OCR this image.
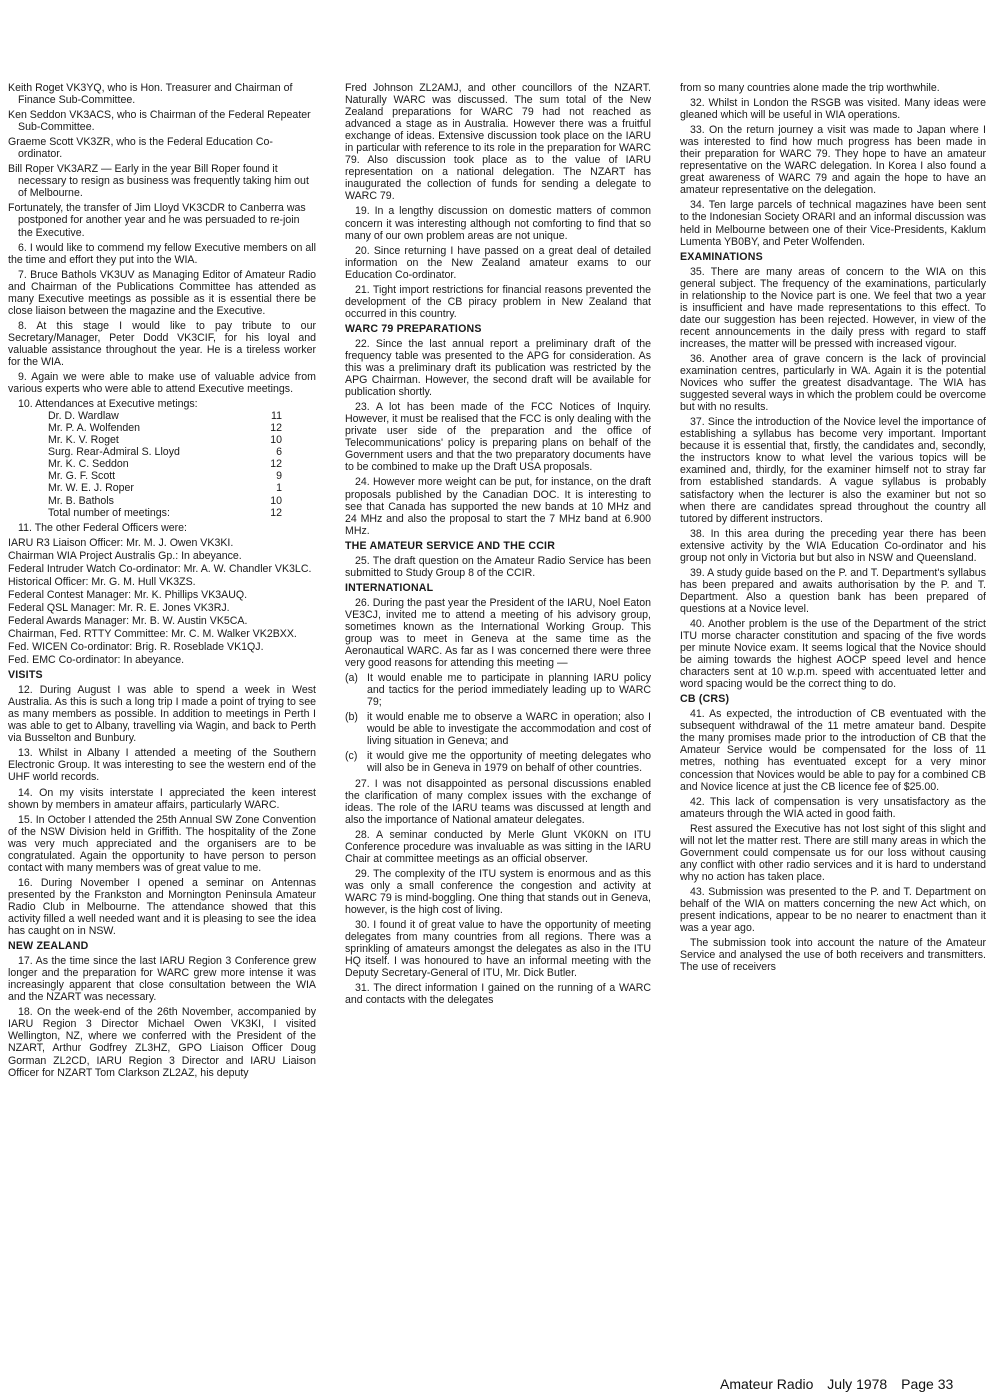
Keith Roget VK3YQ, who is Hon. Treasurer and Chairman of Finance Sub-Committee.
Ken Seddon VK3ACS, who is Chairman of the Federal Repeater Sub-Committee.
Graeme Scott VK3ZR, who is the Federal Education Co-ordinator.
Bill Roper VK3ARZ — Early in the year Bill Roper found it necessary to resign as business was frequently taking him out of Melbourne.
Fortunately, the transfer of Jim Lloyd VK3CDR to Canberra was postponed for another year and he was persuaded to re-join the Executive.

6. I would like to commend my fellow Executive members on all the time and effort they put into the WIA.

7. Bruce Bathols VK3UV as Managing Editor of Amateur Radio and Chairman of the Publications Committee has attended as many Executive meetings as possible as it is essential there be close liaison between the magazine and the Executive.

8. At this stage I would like to pay tribute to our Secretary/Manager, Peter Dodd VK3CIF, for his loyal and valuable assistance throughout the year. He is a tireless worker for the WIA.

9. Again we were able to make use of valuable advice from various experts who were able to attend Executive meetings.

10. Attendances at Executive metings:
Dr. D. Wardlaw	11
Mr. P. A. Wolfenden	12
Mr. K. V. Roget	10
Surg. Rear-Admiral S. Lloyd	6
Mr. K. C. Seddon	12
Mr. G. F. Scott	9
Mr. W. E. J. Roper	1
Mr. B. Bathols	10
Total number of meetings:	12

11. The other Federal Officers were:

IARU R3 Liaison Officer: Mr. M. J. Owen VK3KI.
Chairman WIA Project Australis Gp.: In abeyance.
Federal Intruder Watch Co-ordinator: Mr. A. W. Chandler VK3LC.
Historical Officer: Mr. G. M. Hull VK3ZS.
Federal Contest Manager: Mr. K. Phillips VK3AUQ.
Federal QSL Manager: Mr. R. E. Jones VK3RJ.
Federal Awards Manager: Mr. B. W. Austin VK5CA.
Chairman, Fed. RTTY Committee: Mr. C. M. Walker VK2BXX.
Fed. WICEN Co-ordinator: Brig. R. Roseblade VK1QJ.
Fed. EMC Co-ordinator: In abeyance.
VISITS

12. During August I was able to spend a week in West Australia. As this is such a long trip I made a point of trying to see as many members as possible. In addition to meetings in Perth I was able to get to Albany, travelling via Wagin, and back to Perth via Busselton and Bunbury.

13. Whilst in Albany I attended a meeting of the Southern Electronic Group. It was interesting to see the western end of the UHF world records.

14. On my visits interstate I appreciated the keen interest shown by members in amateur affairs, particularly WARC.

15. In October I attended the 25th Annual SW Zone Convention of the NSW Division held in Griffith. The hospitality of the Zone was very much appreciated and the organisers are to be congratulated. Again the opportunity to have person to person contact with many members was of great value to me.

16. During November I opened a seminar on Antennas presented by the Frankston and Mornington Peninsula Amateur Radio Club in Melbourne. The attendance showed that this activity filled a well needed want and it is pleasing to see the idea has caught on in NSW.

NEW ZEALAND

17. As the time since the last IARU Region 3 Conference grew longer and the preparation for WARC grew more intense it was increasingly apparent that close consultation between the WIA and the NZART was necessary.

18. On the week-end of the 26th November, accompanied by IARU Region 3 Director Michael Owen VK3KI, I visited Wellington, NZ, where we conferred with the President of the NZART, Arthur Godfrey ZL3HZ, GPO Liaison Officer Doug Gorman ZL2CD, IARU Region 3 Director and IARU Liaison Officer for NZART Tom Clarkson ZL2AZ, his deputy

Fred Johnson ZL2AMJ, and other councillors of the NZART. Naturally WARC was discussed. The sum total of the New Zealand preparations for WARC 79 had not reached as advanced a stage as in Australia. However there was a fruitful exchange of ideas. Extensive discussion took place on the IARU in particular with reference to its role in the preparation for WARC 79. Also discussion took place as to the value of IARU representation on a national delegation. The NZART has inaugurated the collection of funds for sending a delegate to WARC 79.

19. In a lengthy discussion on domestic matters of common concern it was interesting although not comforting to find that so many of our own problem areas are not unique.

20. Since returning I have passed on a great deal of detailed information on the New Zealand amateur exams to our Education Co-ordinator.

21. Tight import restrictions for financial reasons prevented the development of the CB piracy problem in New Zealand that occurred in this country.

WARC 79 PREPARATIONS

22. Since the last annual report a preliminary draft of the frequency table was presented to the APG for consideration. As this was a preliminary draft its publication was restricted by the APG Chairman. However, the second draft will be available for publication shortly.

23. A lot has been made of the FCC Notices of Inquiry. However, it must be realised that the FCC is only dealing with the private user side of the preparation and the office of Telecommunications' policy is preparing plans on behalf of the Government users and that the two preparatory documents have to be combined to make up the Draft USA proposals.

24. However more weight can be put, for instance, on the draft proposals published by the Canadian DOC. It is interesting to see that Canada has supported the new bands at 10 MHz and 24 MHz and also the proposal to start the 7 MHz band at 6.900 MHz.

THE AMATEUR SERVICE AND THE CCIR

25. The draft question on the Amateur Radio Service has been submitted to Study Group 8 of the CCIR.

INTERNATIONAL

26. During the past year the President of the IARU, Noel Eaton VE3CJ, invited me to attend a meeting of his advisory group, sometimes known as the International Working Group. This group was to meet in Geneva at the same time as the Aeronautical WARC. As far as I was concerned there were three very good reasons for attending this meeting —

(a) It would enable me to participate in planning IARU policy and tactics for the period immediately leading up to WARC 79;
(b) it would enable me to observe a WARC in operation; also I would be able to investigate the accommodation and cost of living situation in Geneva; and
(c) it would give me the opportunity of meeting delegates who will also be in Geneva in 1979 on behalf of other countries.

27. I was not disappointed as personal discussions enabled the clarification of many complex issues with the exchange of ideas. The role of the IARU teams was discussed at length and also the importance of National amateur delegates.

28. A seminar conducted by Merle Glunt VK0KN on ITU Conference procedure was invaluable as was sitting in the IARU Chair at committee meetings as an official observer.

29. The complexity of the ITU system is enormous and as this was only a small conference the congestion and activity at WARC 79 is mind-boggling. One thing that stands out in Geneva, however, is the high cost of living.

30. I found it of great value to have the opportunity of meeting delegates from many countries from all regions. There was a sprinkling of amateurs amongst the delegates as also in the ITU HQ itself. I was honoured to have an informal meeting with the Deputy Secretary-General of ITU, Mr. Dick Butler.

31. The direct information I gained on the running of a WARC and contacts with the delegates

from so many countries alone made the trip worthwhile.

32. Whilst in London the RSGB was visited. Many ideas were gleaned which will be useful in WIA operations.

33. On the return journey a visit was made to Japan where I was interested to find how much progress has been made in their preparation for WARC 79. They hope to have an amateur representative on the WARC delegation. In Korea I also found a great awareness of WARC 79 and again the hope to have an amateur representative on the delegation.

34. Ten large parcels of technical magazines have been sent to the Indonesian Society ORARI and an informal discussion was held in Melbourne between one of their Vice-Presidents, Kaklum Lumenta YB0BY, and Peter Wolfenden.

EXAMINATIONS

35. There are many areas of concern to the WIA on this general subject. The frequency of the examinations, particularly in relationship to the Novice part is one. We feel that two a year is insufficient and have made representations to this effect. To date our suggestion has been rejected. However, in view of the recent announcements in the daily press with regard to staff increases, the matter will be pressed with increased vigour.

36. Another area of grave concern is the lack of provincial examination centres, particularly in WA. Again it is the potential Novices who suffer the greatest disadvantage. The WIA has suggested several ways in which the problem could be overcome but with no results.

37. Since the introduction of the Novice level the importance of establishing a syllabus has become very important. Important because it is essential that, firstly, the candidates and, secondly, the instructors know to what level the various topics will be examined and, thirdly, for the examiner himself not to stray far from established standards. A vague syllabus is probably satisfactory when the lecturer is also the examiner but not so when there are candidates spread throughout the country all tutored by different instructors.

38. In this area during the preceding year there has been extensive activity by the WIA Education Co-ordinator and his group not only in Victoria but but also in NSW and Queensland.

39. A study guide based on the P. and T. Department's syllabus has been prepared and awaits authorisation by the P. and T. Department. Also a question bank has been prepared of questions at a Novice level.

40. Another problem is the use of the Department of the strict ITU morse character constitution and spacing of the five words per minute Novice exam. It seems logical that the Novice should be aiming towards the highest AOCP speed level and hence characters sent at 10 w.p.m. speed with accentuated letter and word spacing would be the correct thing to do.

CB (CRS)

41. As expected, the introduction of CB eventuated with the subsequent withdrawal of the 11 metre amateur band. Despite the many promises made prior to the introduction of CB that the Amateur Service would be compensated for the loss of 11 metres, nothing has eventuated except for a very minor concession that Novices would be able to pay for a combined CB and Novice licence at just the CB licence fee of $25.00.

42. This lack of compensation is very unsatisfactory as the amateurs through the WIA acted in good faith.

Rest assured the Executive has not lost sight of this slight and will not let the matter rest. There are still many areas in which the Government could compensate us for our loss without causing any conflict with other radio services and it is hard to understand why no action has taken place.

43. Submission was presented to the P. and T. Department on behalf of the WIA on matters concerning the new Act which, on present indications, appear to be no nearer to enactment than it was a year ago.

The submission took into account the nature of the Amateur Service and analysed the use of both receivers and transmitters. The use of receivers

Amateur Radio July 1978 Page 33
